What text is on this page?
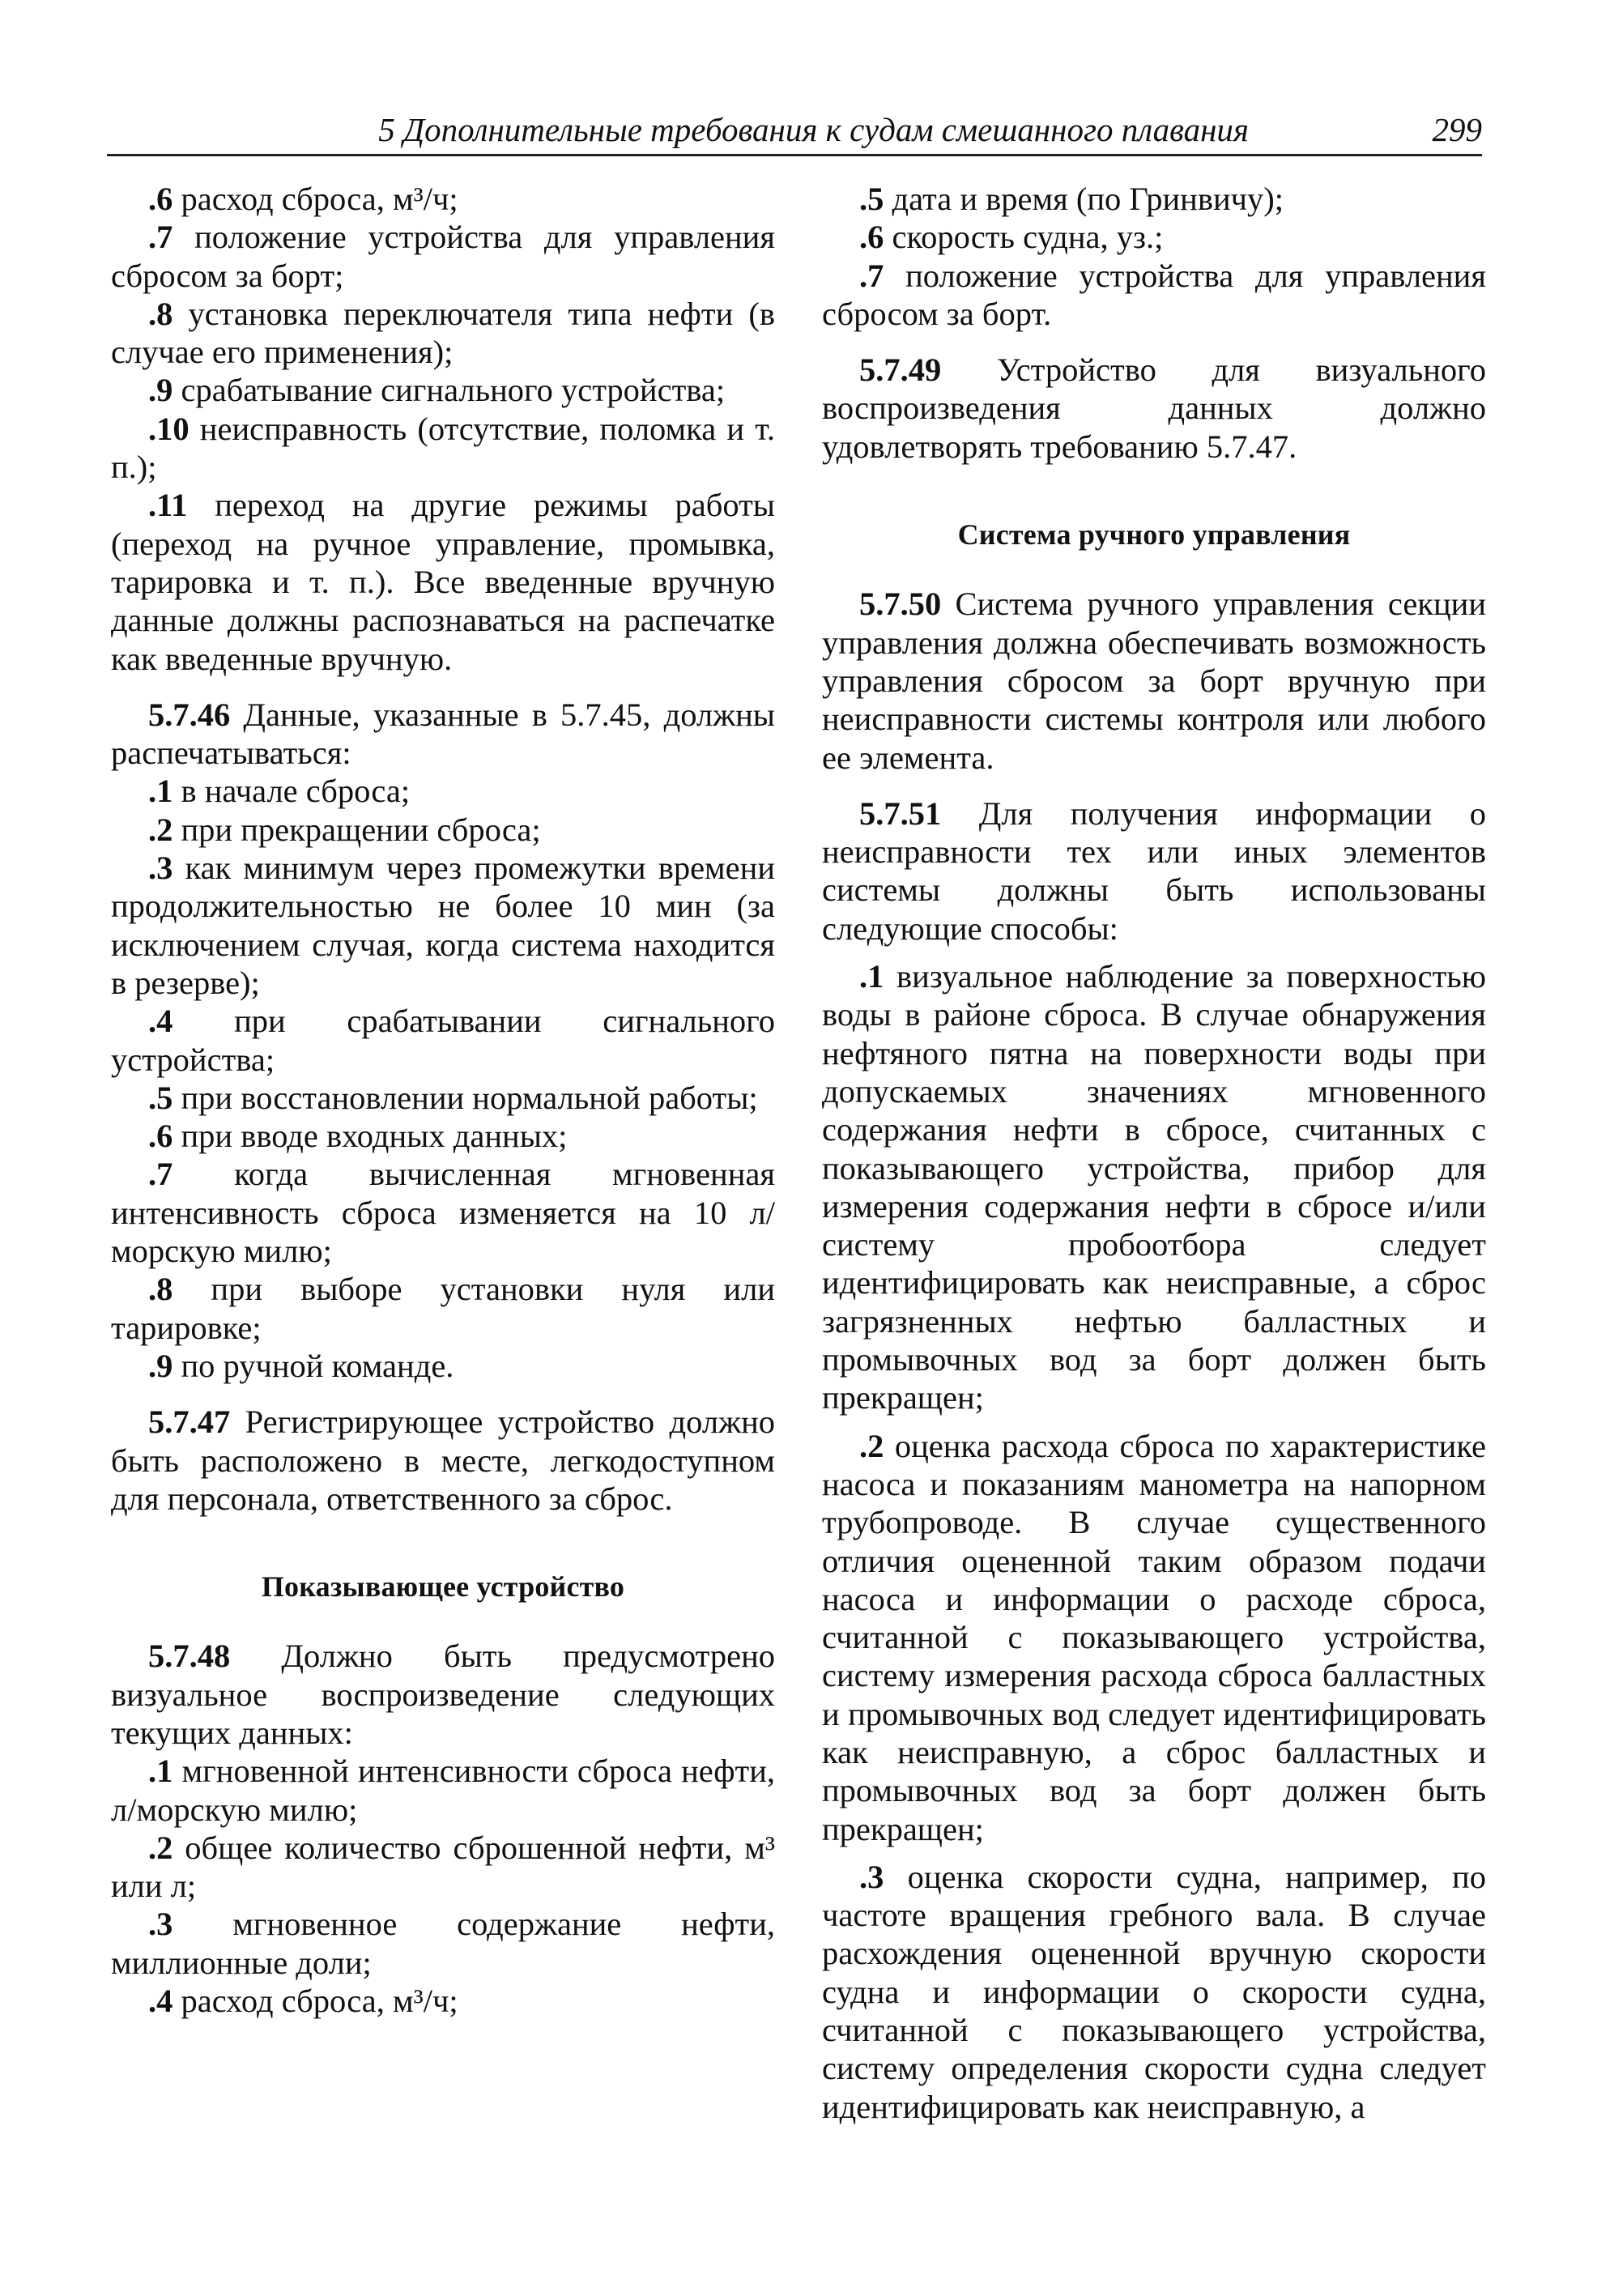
5 Дополнительные требования к судам смешанного плавания	299

.6 расход сброса, м³/ч;

.7 положение устройства для управления сбросом за борт;

.8 установка переключателя типа нефти (в случае его применения);

.9 срабатывание сигнального устройства;

.10 неисправность (отсутствие, поломка и т. п.);

.11 переход на другие режимы работы (переход на ручное управление, промывка, тарировка и т. п.). Все введенные вручную данные должны распознаваться на распечатке как введенные вручную.

5.7.46 Данные, указанные в 5.7.45, должны распечатываться:

.1 в начале сброса;

.2 при прекращении сброса;

.3 как минимум через промежутки времени продолжительностью не более 10 мин (за исключением случая, когда система находится в резерве);

.4 при срабатывании сигнального устройства;

.5 при восстановлении нормальной работы;

.6 при вводе входных данных;

.7 когда вычисленная мгновенная интенсивность сброса изменяется на 10 л/морскую милю;

.8 при выборе установки нуля или тарировке;

.9 по ручной команде.

5.7.47 Регистрирующее устройство должно быть расположено в месте, легкодоступном для персонала, ответственного за сброс.

Показывающее устройство

5.7.48 Должно быть предусмотрено визуальное воспроизведение следующих текущих данных:

.1 мгновенной интенсивности сброса нефти, л/морскую милю;

.2 общее количество сброшенной нефти, м³ или л;

.3 мгновенное содержание нефти, миллионные доли;

.4 расход сброса, м³/ч;

.5 дата и время (по Гринвичу);

.6 скорость судна, уз.;

.7 положение устройства для управления сбросом за борт.

5.7.49 Устройство для визуального воспроизведения данных должно удовлетворять требованию 5.7.47.

Система ручного управления

5.7.50 Система ручного управления секции управления должна обеспечивать возможность управления сбросом за борт вручную при неисправности системы контроля или любого ее элемента.

5.7.51 Для получения информации о неисправности тех или иных элементов системы должны быть использованы следующие способы:

.1 визуальное наблюдение за поверхностью воды в районе сброса. В случае обнаружения нефтяного пятна на поверхности воды при допускаемых значениях мгновенного содержания нефти в сбросе, считанных с показывающего устройства, прибор для измерения содержания нефти в сбросе и/или систему пробоотбора следует идентифицировать как неисправные, а сброс загрязненных нефтью балластных и промывочных вод за борт должен быть прекращен;

.2 оценка расхода сброса по характеристике насоса и показаниям манометра на напорном трубопроводе. В случае существенного отличия оцененной таким образом подачи насоса и информации о расходе сброса, считанной с показывающего устройства, систему измерения расхода сброса балластных и промывочных вод следует идентифицировать как неисправную, а сброс балластных и промывочных вод за борт должен быть прекращен;

.3 оценка скорости судна, например, по частоте вращения гребного вала. В случае расхождения оцененной вручную скорости судна и информации о скорости судна, считанной с показывающего устройства, систему определения скорости судна следует идентифицировать как неисправную, а
